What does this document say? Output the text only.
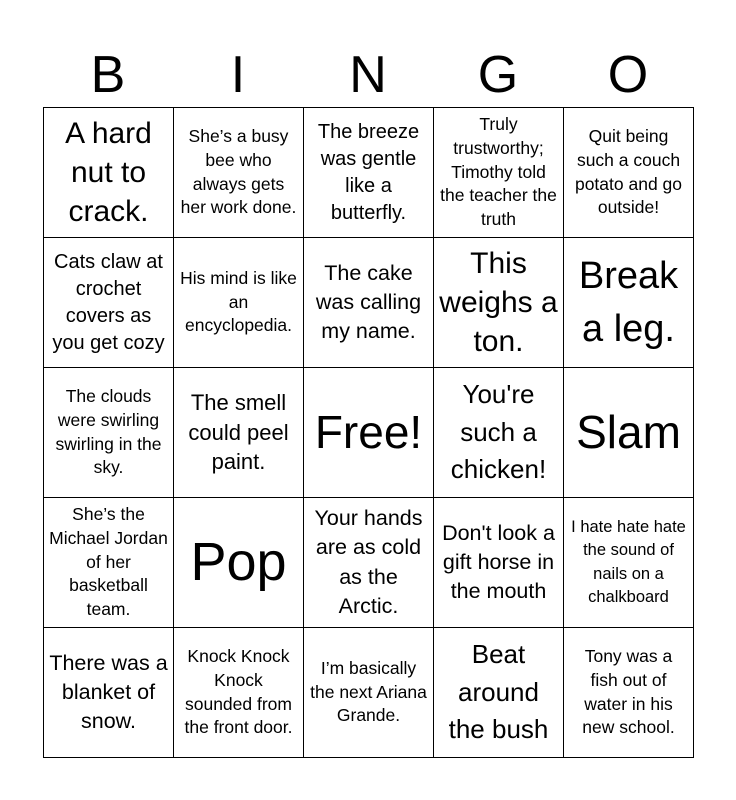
B	I	N	G	O
A hard nut to crack.
She’s a busy bee who always gets her work done.
The breeze was gentle like a butterfly.
Truly trustworthy; Timothy told the teacher the truth
Quit being such a couch potato and go outside!
Cats claw at crochet covers as you get cozy
His mind is like an encyclopedia.
The cake was calling my name.
This weighs a ton.
Break a leg.
The clouds were swirling swirling in the sky.
The smell could peel paint.
Free!
You're such a chicken!
Slam
She’s the Michael Jordan of her basketball team.
Pop
Your hands are as cold as the Arctic.
Don't look a gift horse in the mouth
I hate hate hate the sound of nails on a chalkboard
There was a blanket of snow.
Knock Knock Knock sounded from the front door.
I’m basically the next Ariana Grande.
Beat around the bush
Tony was a fish out of water in his new school.
